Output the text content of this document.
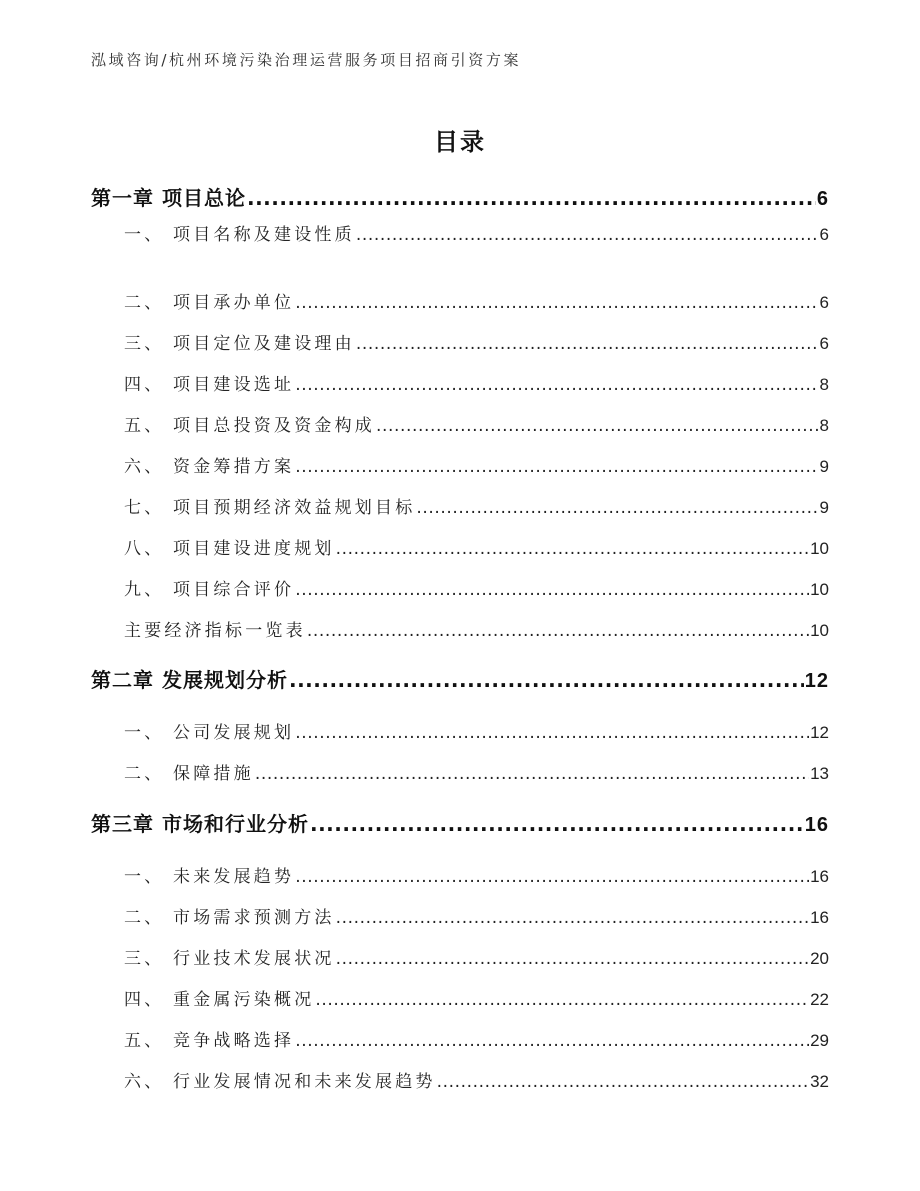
泓域咨询/杭州环境污染治理运营服务项目招商引资方案
目录
第一章 项目总论 .....	6
一、 项目名称及建设性质 .....	6
二、 项目承办单位 .....	6
三、 项目定位及建设理由 .....	6
四、 项目建设选址 .....	8
五、 项目总投资及资金构成 .....	8
六、 资金筹措方案 .....	9
七、 项目预期经济效益规划目标 .....	9
八、 项目建设进度规划 .....	10
九、 项目综合评价 .....	10
主要经济指标一览表 .....	10
第二章 发展规划分析 .....	12
一、 公司发展规划 .....	12
二、 保障措施 .....	13
第三章 市场和行业分析 .....	16
一、 未来发展趋势 .....	16
二、 市场需求预测方法 .....	16
三、 行业技术发展状况 .....	20
四、 重金属污染概况 .....	22
五、 竞争战略选择 .....	29
六、 行业发展情况和未来发展趋势 .....	32
